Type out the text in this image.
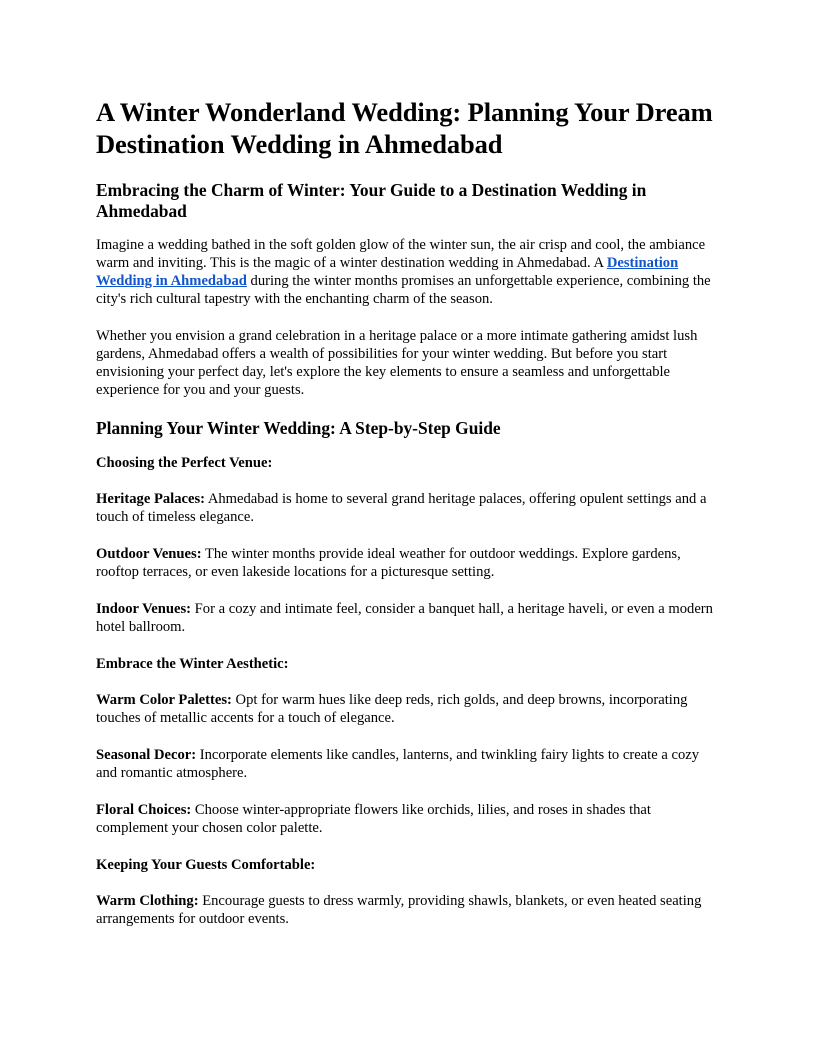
A Winter Wonderland Wedding: Planning Your Dream Destination Wedding in Ahmedabad
Embracing the Charm of Winter: Your Guide to a Destination Wedding in Ahmedabad

Imagine a wedding bathed in the soft golden glow of the winter sun, the air crisp and cool, the ambiance warm and inviting. This is the magic of a winter destination wedding in Ahmedabad. A Destination Wedding in Ahmedabad during the winter months promises an unforgettable experience, combining the city's rich cultural tapestry with the enchanting charm of the season.

Whether you envision a grand celebration in a heritage palace or a more intimate gathering amidst lush gardens, Ahmedabad offers a wealth of possibilities for your winter wedding. But before you start envisioning your perfect day, let's explore the key elements to ensure a seamless and unforgettable experience for you and your guests.

Planning Your Winter Wedding: A Step-by-Step Guide
Choosing the Perfect Venue:

Heritage Palaces: Ahmedabad is home to several grand heritage palaces, offering opulent settings and a touch of timeless elegance.

Outdoor Venues: The winter months provide ideal weather for outdoor weddings. Explore gardens, rooftop terraces, or even lakeside locations for a picturesque setting.

Indoor Venues: For a cozy and intimate feel, consider a banquet hall, a heritage haveli, or even a modern hotel ballroom.

Embrace the Winter Aesthetic:

Warm Color Palettes: Opt for warm hues like deep reds, rich golds, and deep browns, incorporating touches of metallic accents for a touch of elegance.

Seasonal Decor: Incorporate elements like candles, lanterns, and twinkling fairy lights to create a cozy and romantic atmosphere.

Floral Choices: Choose winter-appropriate flowers like orchids, lilies, and roses in shades that complement your chosen color palette.

Keeping Your Guests Comfortable:

Warm Clothing: Encourage guests to dress warmly, providing shawls, blankets, or even heated seating arrangements for outdoor events.
